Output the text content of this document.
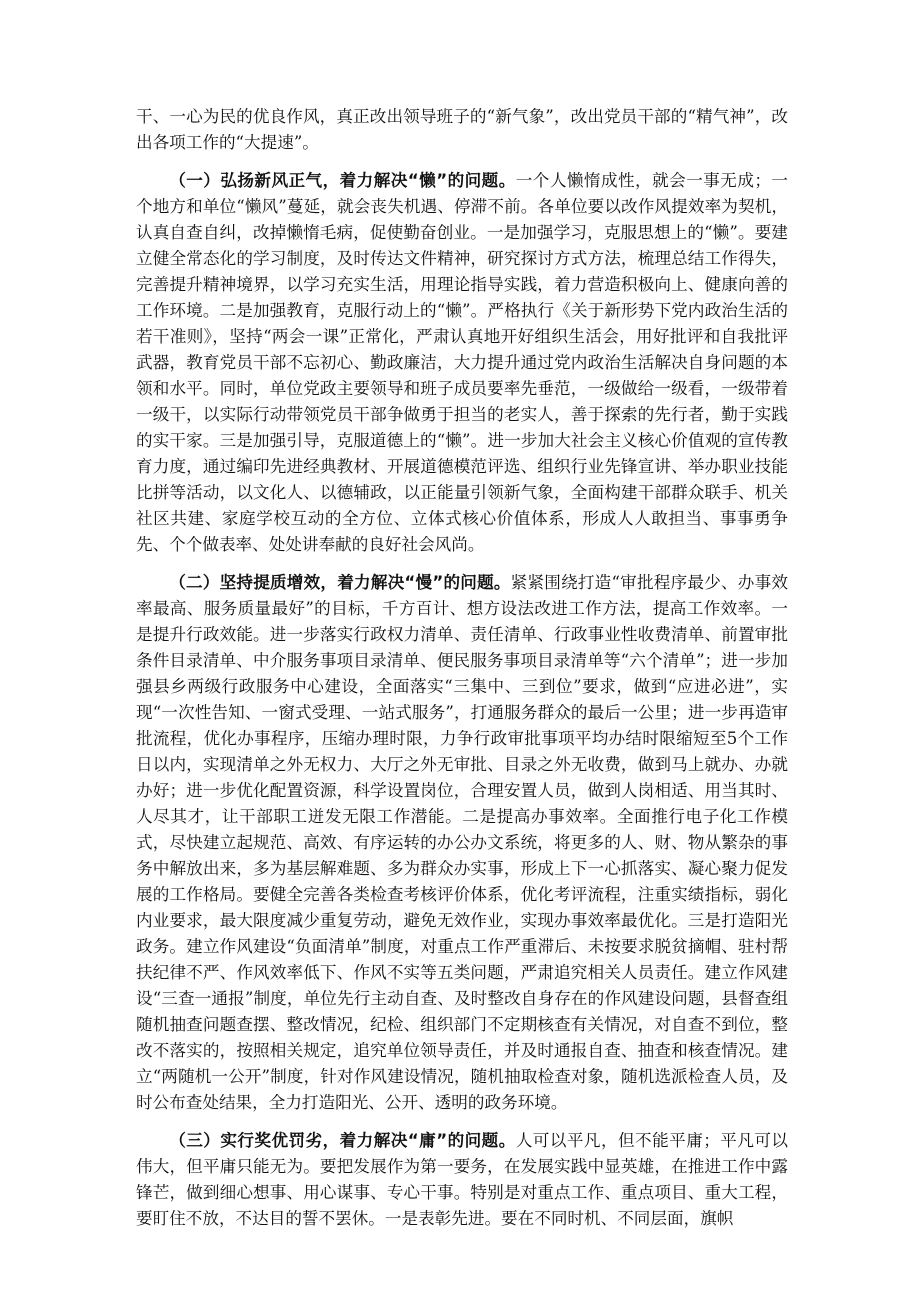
干、一心为民的优良作风，真正改出领导班子的“新气象”，改出党员干部的“精气神”，改出各项工作的“大提速”。

（一）弘扬新风正气，着力解决“懒”的问题。一个人懒惰成性，就会一事无成；一个地方和单位“懒风”蔓延，就会丧失机遇、停滞不前。各单位要以改作风提效率为契机，认真自查自纠，改掉懒惰毛病，促使勤奋创业。一是加强学习，克服思想上的“懒”。要建立健全常态化的学习制度，及时传达文件精神，研究探讨方式方法，梳理总结工作得失，完善提升精神境界，以学习充实生活，用理论指导实践，着力营造积极向上、健康向善的工作环境。二是加强教育，克服行动上的“懒”。严格执行《关于新形势下党内政治生活的若干准则》，坚持“两会一课”正常化，严肃认真地开好组织生活会，用好批评和自我批评武器，教育党员干部不忘初心、勤政廉洁，大力提升通过党内政治生活解决自身问题的本领和水平。同时，单位党政主要领导和班子成员要率先垂范，一级做给一级看，一级带着一级干，以实际行动带领党员干部争做勇于担当的老实人，善于探索的先行者，勤于实践的实干家。三是加强引导，克服道德上的“懒”。进一步加大社会主义核心价值观的宣传教育力度，通过编印先进经典教材、开展道德模范评选、组织行业先锋宣讲、举办职业技能比拼等活动，以文化人、以德辅政，以正能量引领新气象，全面构建干部群众联手、机关社区共建、家庭学校互动的全方位、立体式核心价值体系，形成人人敢担当、事事勇争先、个个做表率、处处讲奉献的良好社会风尚。

（二）坚持提质增效，着力解决“慢”的问题。紧紧围绕打造“审批程序最少、办事效率最高、服务质量最好”的目标，千方百计、想方设法改进工作方法，提高工作效率。一是提升行政效能。进一步落实行政权力清单、责任清单、行政事业性收费清单、前置审批条件目录清单、中介服务事项目录清单、便民服务事项目录清单等“六个清单”；进一步加强县乡两级行政服务中心建设，全面落实“三集中、三到位”要求，做到“应进必进”，实现“一次性告知、一窗式受理、一站式服务”，打通服务群众的最后一公里；进一步再造审批流程，优化办事程序，压缩办理时限，力争行政审批事项平均办结时限缩短至5个工作日以内，实现清单之外无权力、大厅之外无审批、目录之外无收费，做到马上就办、办就办好；进一步优化配置资源，科学设置岗位，合理安置人员，做到人岗相适、用当其时、人尽其才，让干部职工迸发无限工作潜能。二是提高办事效率。全面推行电子化工作模式，尽快建立起规范、高效、有序运转的办公办文系统，将更多的人、财、物从繁杂的事务中解放出来，多为基层解难题、多为群众办实事，形成上下一心抓落实、凝心聚力促发展的工作格局。要健全完善各类检查考核评价体系，优化考评流程，注重实绩指标，弱化内业要求，最大限度减少重复劳动，避免无效作业，实现办事效率最优化。三是打造阳光政务。建立作风建设“负面清单”制度，对重点工作严重滞后、未按要求脱贫摘帽、驻村帮扶纪律不严、作风效率低下、作风不实等五类问题，严肃追究相关人员责任。建立作风建设“三查一通报”制度，单位先行主动自查、及时整改自身存在的作风建设问题，县督查组随机抽查问题查摆、整改情况，纪检、组织部门不定期核查有关情况，对自查不到位，整改不落实的，按照相关规定，追究单位领导责任，并及时通报自查、抽查和核查情况。建立“两随机一公开”制度，针对作风建设情况，随机抽取检查对象，随机选派检查人员，及时公布查处结果，全力打造阳光、公开、透明的政务环境。

（三）实行奖优罚劣，着力解决“庸”的问题。人可以平凡，但不能平庸；平凡可以伟大，但平庸只能无为。要把发展作为第一要务，在发展实践中显英雄，在推进工作中露锋芒，做到细心想事、用心谋事、专心干事。特别是对重点工作、重点项目、重大工程，要盯住不放，不达目的誓不罢休。一是表彰先进。要在不同时机、不同层面，旗帜
